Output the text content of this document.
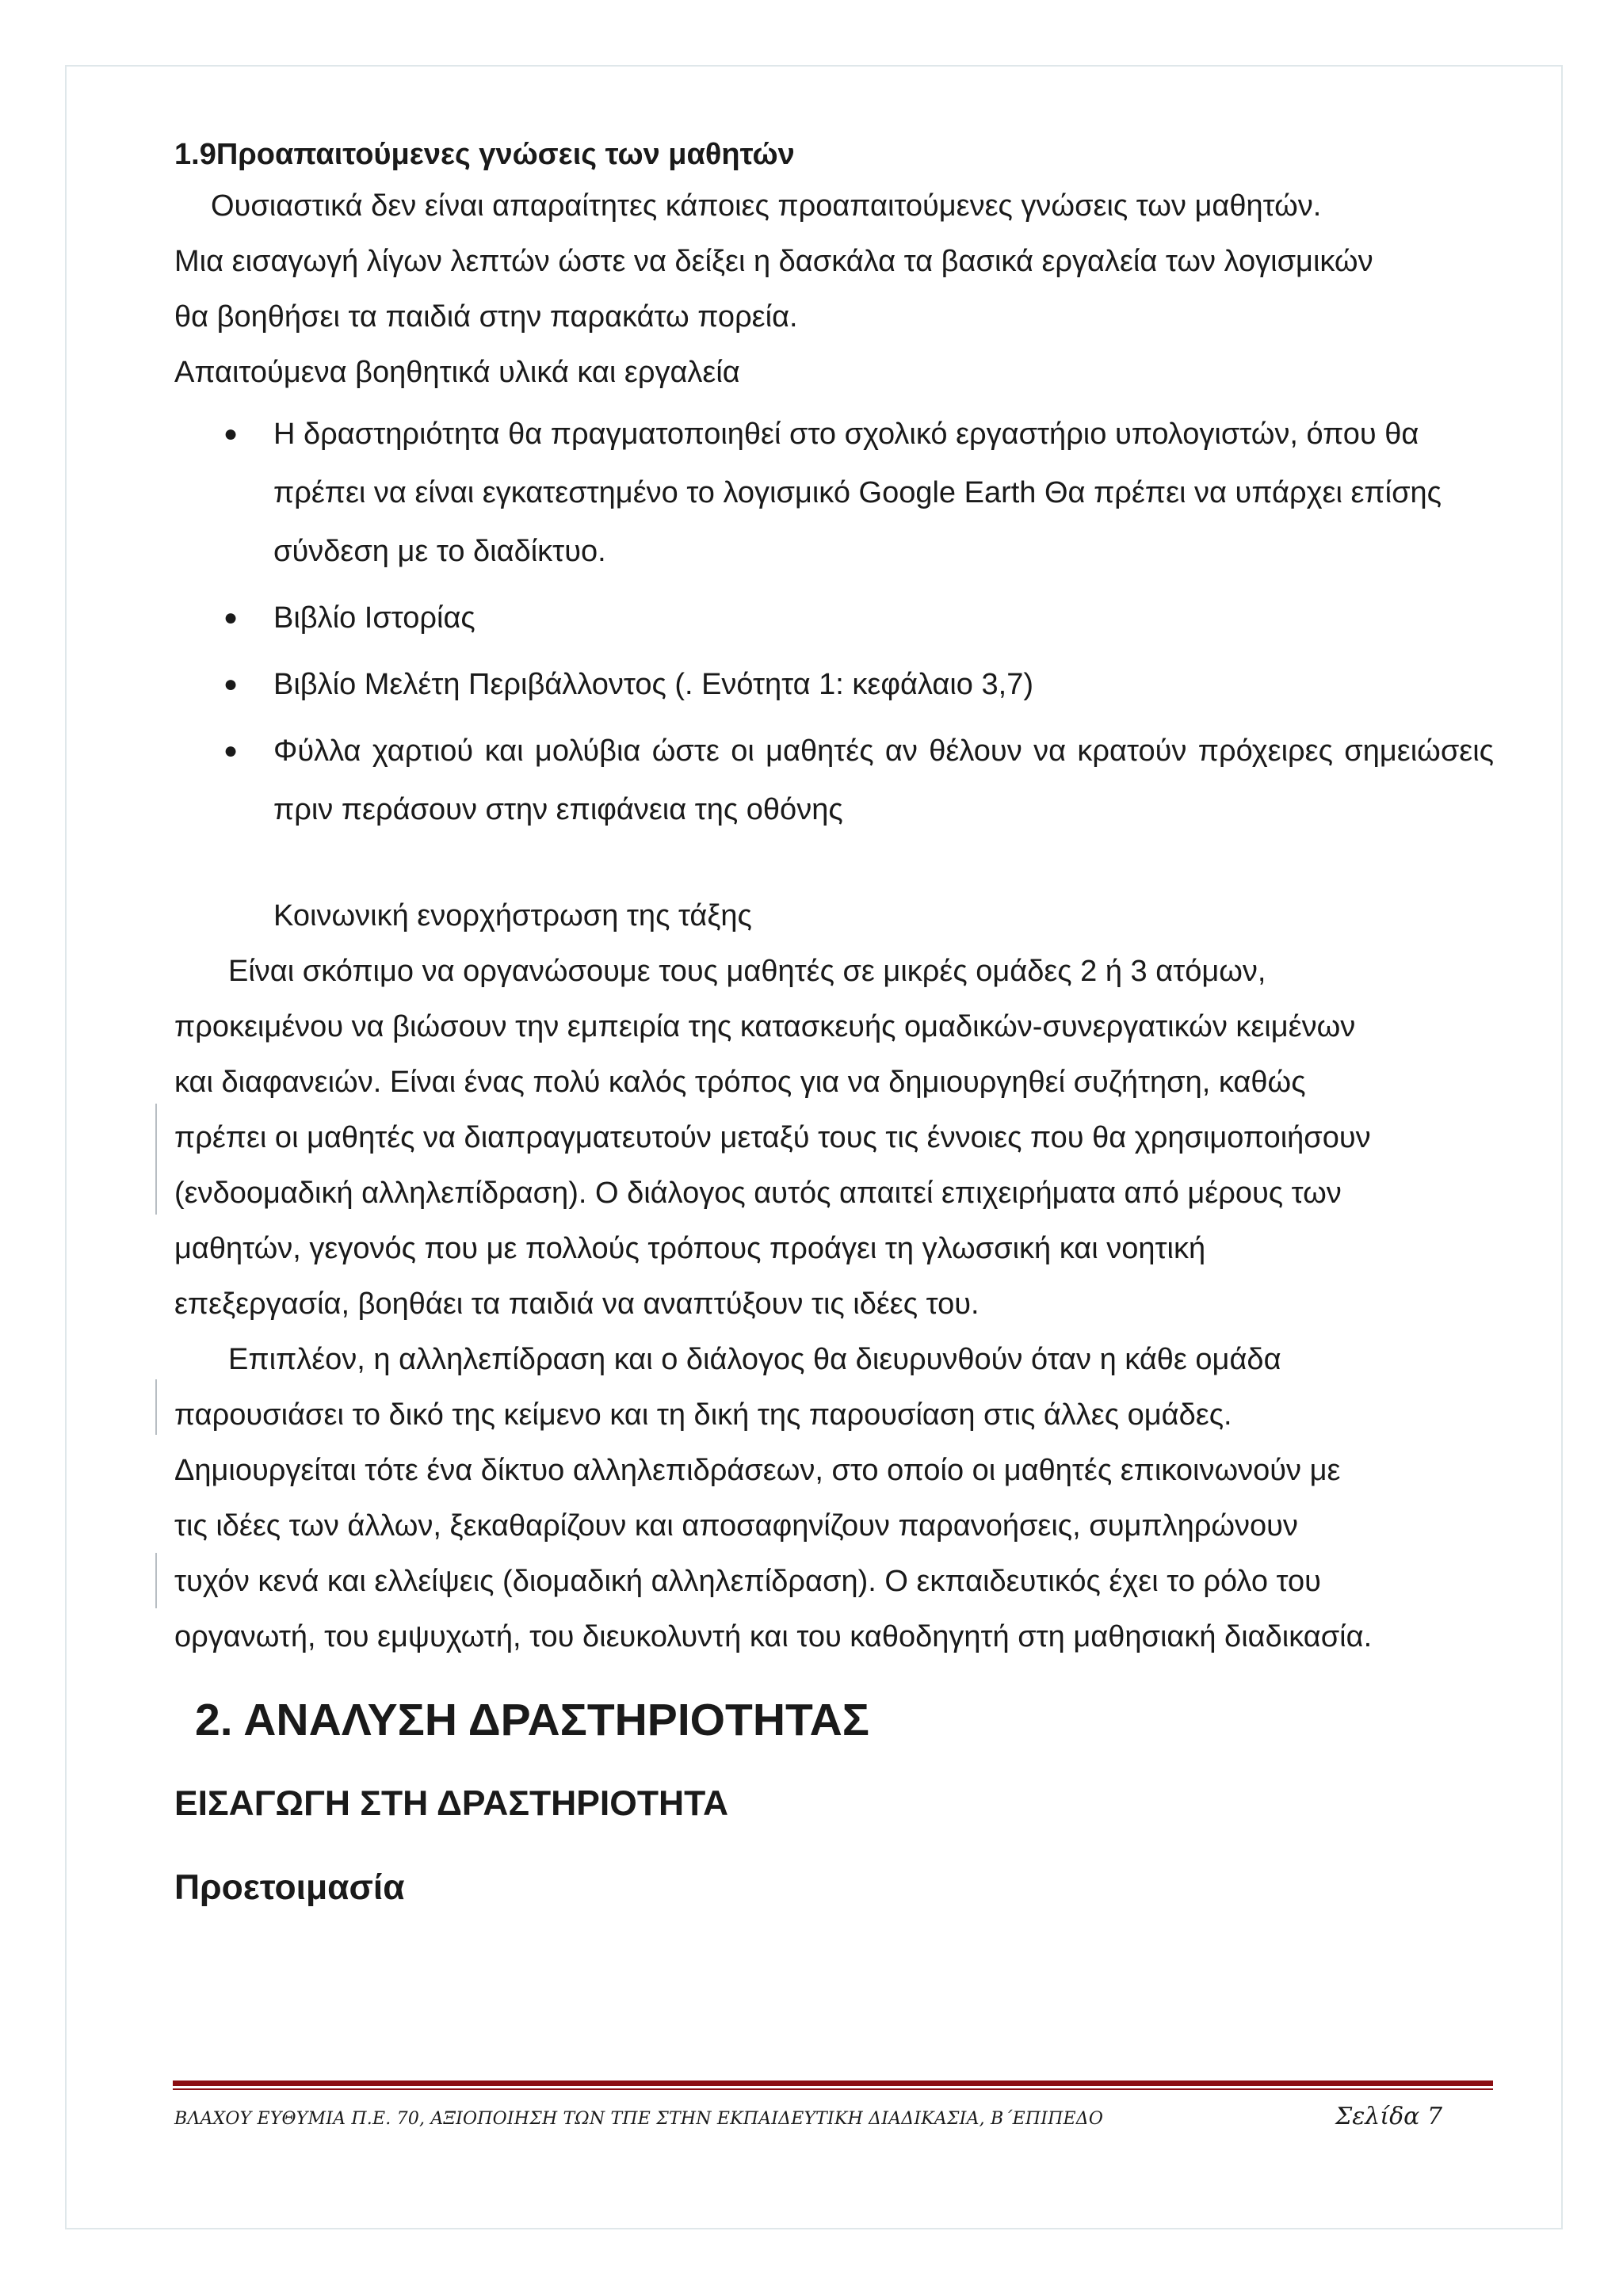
1.9Προαπαιτούμενες γνώσεις των μαθητών

Ουσιαστικά δεν είναι απαραίτητες κάποιες προαπαιτούμενες γνώσεις των μαθητών.

Μια εισαγωγή λίγων λεπτών ώστε να δείξει η δασκάλα τα βασικά εργαλεία των λογισμικών

θα βοηθήσει τα παιδιά στην παρακάτω πορεία.

Απαιτούμενα βοηθητικά υλικά και εργαλεία

● Η δραστηριότητα θα πραγματοποιηθεί στο σχολικό εργαστήριο υπολογιστών, όπου θα πρέπει να είναι εγκατεστημένο το λογισμικό Google Earth Θα πρέπει να υπάρχει επίσης σύνδεση με το διαδίκτυο.
● Βιβλίο Ιστορίας
● Βιβλίο Μελέτη Περιβάλλοντος (. Ενότητα 1: κεφάλαιο 3,7)
● Φύλλα χαρτιού και μολύβια ώστε οι μαθητές αν θέλουν να κρατούν πρόχειρες σημειώσεις πριν περάσουν στην επιφάνεια της οθόνης

Κοινωνική ενορχήστρωση της τάξης

Είναι σκόπιμο να οργανώσουμε τους μαθητές σε μικρές ομάδες 2 ή 3 ατόμων,

προκειμένου να βιώσουν την εμπειρία της κατασκευής ομαδικών-συνεργατικών κειμένων

και διαφανειών. Είναι ένας πολύ καλός τρόπος για να δημιουργηθεί συζήτηση, καθώς

πρέπει οι μαθητές να διαπραγματευτούν μεταξύ τους τις έννοιες που θα χρησιμοποιήσουν

(ενδοομαδική αλληλεπίδραση). Ο διάλογος αυτός απαιτεί επιχειρήματα από μέρους των

μαθητών, γεγονός που με πολλούς τρόπους προάγει τη γλωσσική και νοητική

επεξεργασία, βοηθάει τα παιδιά να αναπτύξουν τις ιδέες του.

Επιπλέον, η αλληλεπίδραση και ο διάλογος θα διευρυνθούν όταν η κάθε ομάδα

παρουσιάσει το δικό της κείμενο και τη δική της παρουσίαση στις άλλες ομάδες.

Δημιουργείται τότε ένα δίκτυο αλληλεπιδράσεων, στο οποίο οι μαθητές επικοινωνούν με

τις ιδέες των άλλων, ξεκαθαρίζουν και αποσαφηνίζουν παρανοήσεις, συμπληρώνουν

τυχόν κενά και ελλείψεις (διομαδική αλληλεπίδραση). Ο εκπαιδευτικός έχει το ρόλο του

οργανωτή, του εμψυχωτή, του διευκολυντή και του καθοδηγητή στη μαθησιακή διαδικασία.

2. ΑΝΑΛΥΣΗ ΔΡΑΣΤΗΡΙΟΤΗΤΑΣ
ΕΙΣΑΓΩΓΗ ΣΤΗ ΔΡΑΣΤΗΡΙΟΤΗΤΑ
Προετοιμασία
ΒΛΑΧΟΥ ΕΥΘΥΜΙΑ Π.Ε. 70, ΑΞΙΟΠΟΙΗΣΗ ΤΩΝ ΤΠΕ ΣΤΗΝ ΕΚΠΑΙΔΕΥΤΙΚΗ ΔΙΑΔΙΚΑΣΙΑ, Β΄ΕΠΙΠΕΔΟ	Σελίδα 7
